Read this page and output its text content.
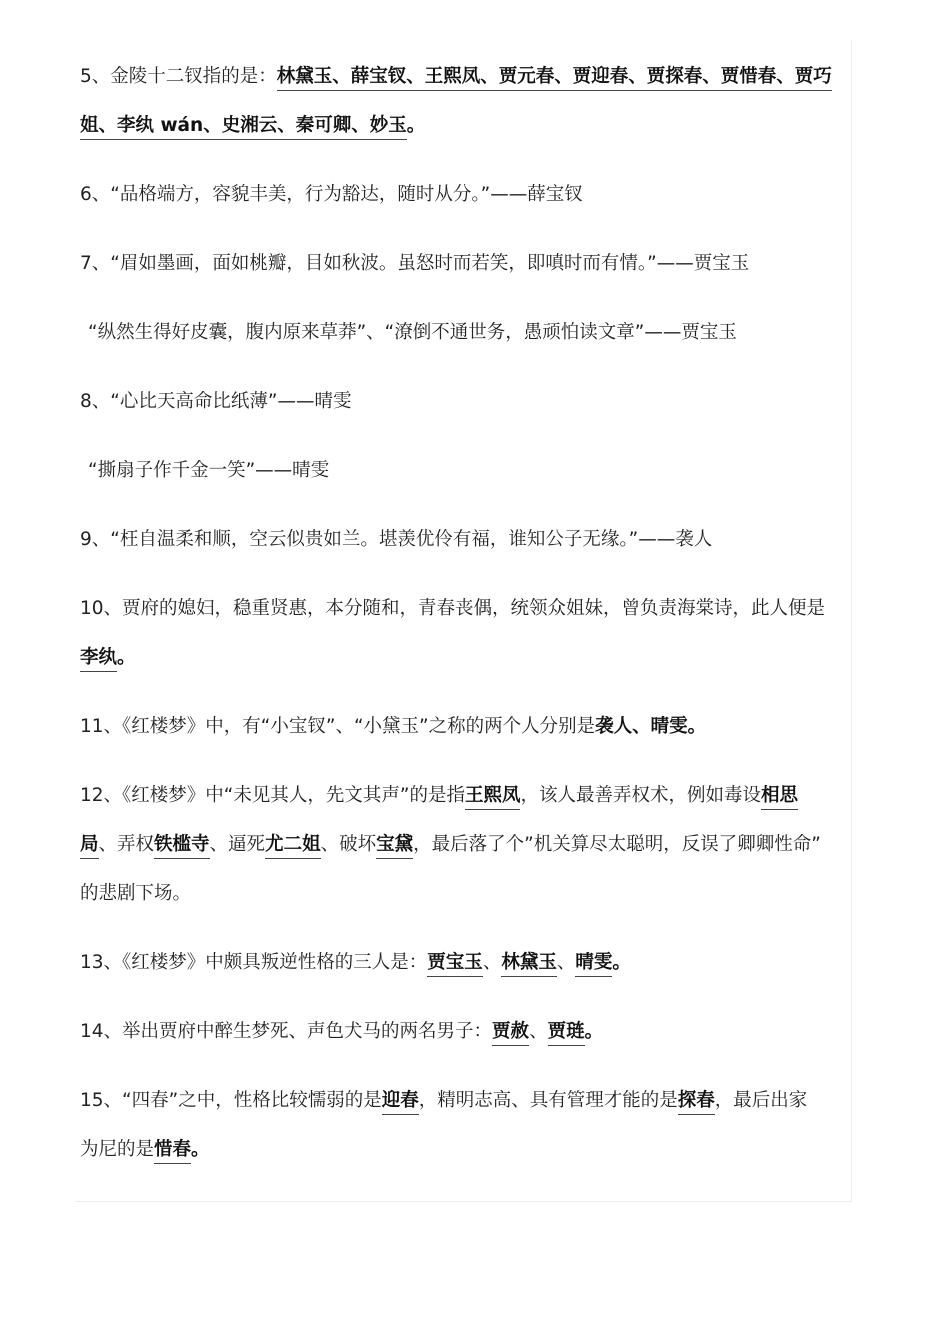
5、金陵十二钗指的是：林黛玉、薛宝钗、王熙凤、贾元春、贾迎春、贾探春、贾惜春、贾巧
姐、李纨 wán、史湘云、秦可卿、妙玉。
6、“品格端方，容貌丰美，行为豁达，随时从分。”——薛宝钗
7、“眉如墨画，面如桃瓣，目如秋波。虽怒时而若笑，即嗔时而有情。”——贾宝玉
“纵然生得好皮囊，腹内原来草莽”、“潦倒不通世务，愚顽怕读文章”——贾宝玉
8、“心比天高命比纸薄”——晴雯
“撕扇子作千金一笑”——晴雯
9、“枉自温柔和顺，空云似贵如兰。堪羡优伶有福，谁知公子无缘。”——袭人
10、贾府的媳妇，稳重贤惠，本分随和，青春丧偶，统领众姐妹，曾负责海棠诗，此人便是
李纨。
11、《红楼梦》中，有“小宝钗”、“小黛玉”之称的两个人分别是袭人、晴雯。
12、《红楼梦》中“未见其人，先文其声”的是指王熙凤，该人最善弄权术，例如毒设相思
局、弄权铁槛寺、逼死尤二姐、破坏宝黛，最后落了个”机关算尽太聪明，反误了卿卿性命”
的悲剧下场。
13、《红楼梦》中颇具叛逆性格的三人是：贾宝玉、林黛玉、晴雯。
14、举出贾府中醉生梦死、声色犬马的两名男子：贾赦、贾琏。
15、“四春”之中，性格比较懦弱的是迎春，精明志高、具有管理才能的是探春，最后出家
为尼的是惜春。
